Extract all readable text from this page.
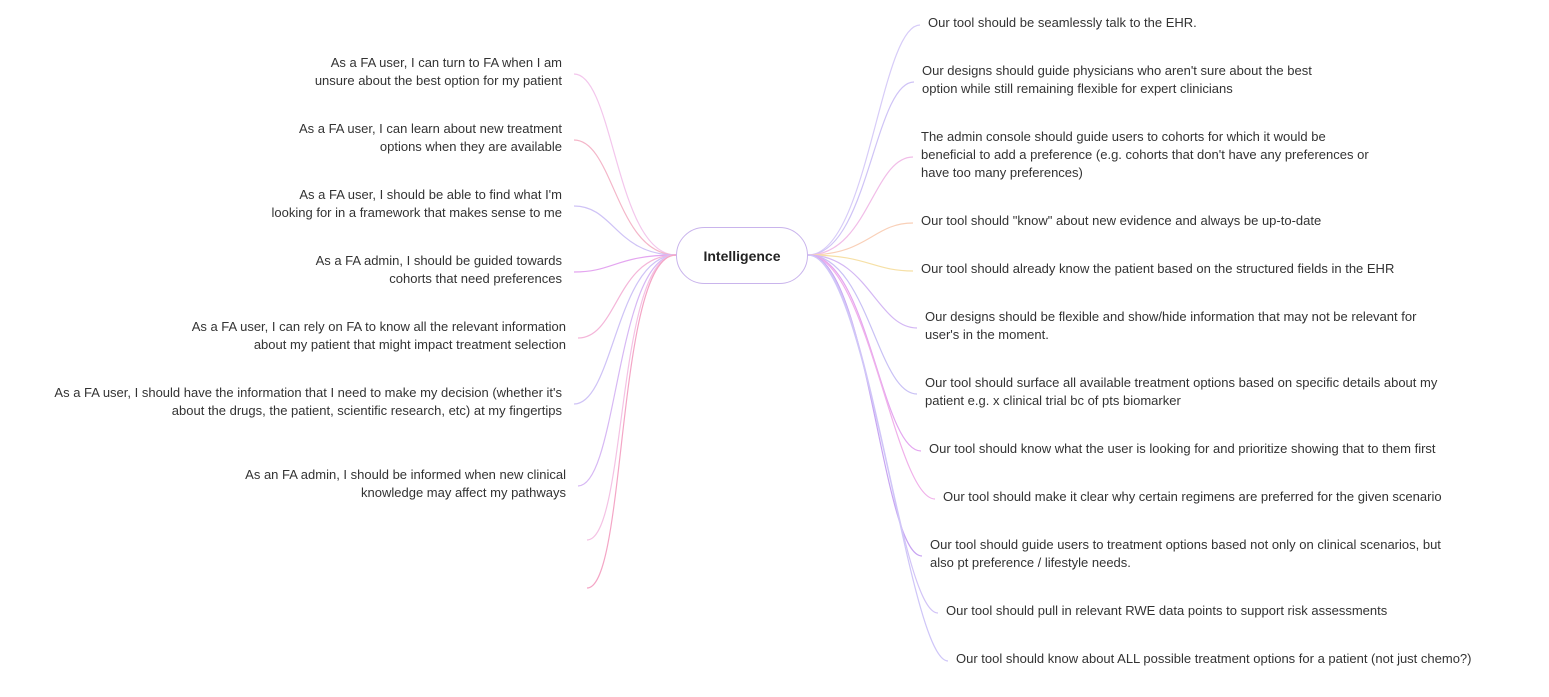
Intelligence
As a FA user, I can turn to FA when I am
unsure about the best option for my patient
As a FA user, I can learn about new treatment
options when they are available
As a FA user, I should be able to find what I'm
looking for in a framework that makes sense to me
As a FA admin, I should be guided towards
cohorts that need preferences
As a FA user, I can rely on FA to know all the relevant information
about my patient that might impact treatment selection
As a FA user, I should have the information that I need to make my decision (whether it's
about the drugs, the patient, scientific research, etc) at my fingertips
As an FA admin, I should be informed when new clinical
knowledge may affect my pathways
Our tool should be seamlessly talk to the EHR.
Our designs should guide physicians who aren't sure about the best
option while still remaining flexible for expert clinicians
The admin console should guide users to cohorts for which it would be
beneficial to add a preference (e.g. cohorts that don't have any preferences or
have too many preferences)
Our tool should "know" about new evidence and always be up-to-date
Our tool should already know the patient based on the structured fields in the EHR
Our designs should be flexible and show/hide information that may not be relevant for
user's in the moment.
Our tool should surface all available treatment options based on specific details about my
patient e.g. x clinical trial bc of pts biomarker
Our tool should know what the user is looking for and prioritize showing that to them first
Our tool should make it clear why certain regimens are preferred for the given scenario
Our tool should guide users to treatment options based not only on clinical scenarios, but
also pt preference / lifestyle needs.
Our tool should pull in relevant RWE data points to support risk assessments
Our tool should know about ALL possible treatment options for a patient (not just chemo?)
